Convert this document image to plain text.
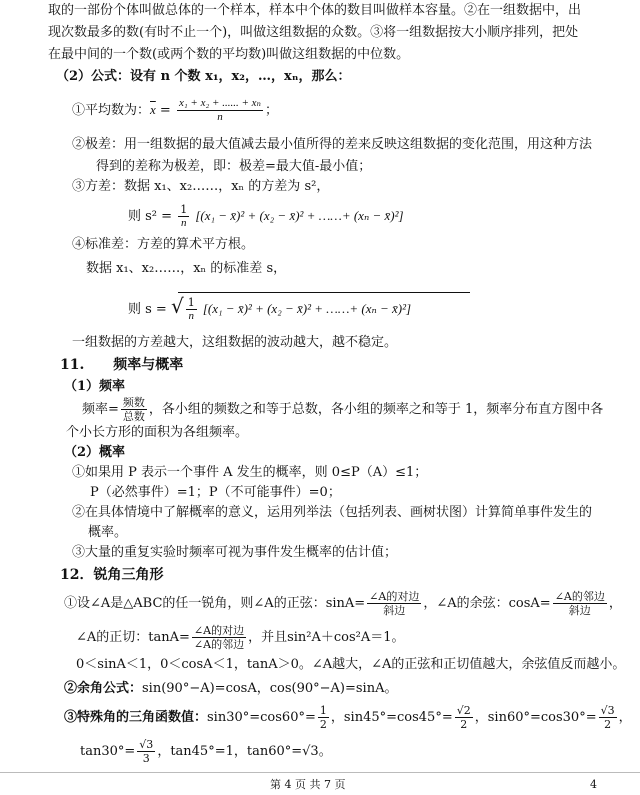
取的一部份个体叫做总体的一个样本，样本中个体的数目叫做样本容量。②在一组数据中，出
现次数最多的数(有时不止一个)，叫做这组数据的众数。③将一组数据按大小顺序排列，把处
在最中间的一个数(或两个数的平均数)叫做这组数据的中位数。
（2）公式：设有 n 个数 x₁，x₂，…，xₙ，那么：
①平均数为：$\overline{x} = \frac{\text{x₁ + x₂ + ...... + xₙ}}{n}$ ；
②极差：用一组数据的最大值减去最小值所得的差来反映这组数据的变化范围，用这种方法
得到的差称为极差，即：极差=最大值-最小值；
③方差：数据 x₁、x₂……，xₙ 的方差为 s²，
则 $s^2 = \frac{1}{n} [(x_1$ − x̄)² + (x₂ − x̄)² + ……+ (xₙ − x̄)²]
④标准差：方差的算术平方根。
数据 x₁、x₂……，xₙ 的标准差 s，
则 s = √ $\frac{1}{n} [(x_1$ − x̄)² + (x₂ − x̄)² + ……+ (xₙ − x̄)²]
一组数据的方差越大，这组数据的波动越大，越不稳定。
11. 频率与概率
（1）频率
频率= $\frac{\text{频数}}{\text{总数}}$ ，各小组的频数之和等于总数，各小组的频率之和等于 1，频率分布直方图中各
个小长方形的面积为各组频率。
（2）概率
①如果用 P 表示一个事件 A 发生的概率，则 0≤P（A）≤1；
P（必然事件）=1；P（不可能事件）=0；
②在具体情境中了解概率的意义，运用列举法（包括列表、画树状图）计算简单事件发生的
概率。
③大量的重复实验时频率可视为事件发生概率的估计值；
12．锐角三角形
①设∠A是△ABC的任一锐角，则∠A的正弦：$\sin A= \frac{\text{∠A的对边}}{\text{斜边}}$ ，∠A的余弦：$\cos A= \frac{\text{∠A的邻边}}{\text{斜边}}$ ，
∠A的正切：$\tan A= \frac{\text{∠A的对边}}{\text{∠A的邻边}}$ ，并且sin²A＋cos²A＝1。
0＜sinA＜1，0＜cosA＜1，tanA＞0。∠A越大，∠A的正弦和正切值越大，余弦值反而越小。
②余角公式：sin(90°−A)=cosA，cos(90°−A)=sinA。
③特殊角的三角函数值：$\sin 30^\circ=\cos 60^\circ= \frac{1}{2}$ ，$\sin 45^\circ=\cos 45^\circ= \frac{√2}{2}$ ，$\sin 60^\circ=\cos 30^\circ= \frac{√3}{2}$ ，
$\tan 30^\circ= \frac{√3}{3}$ ，tan45°=1，tan60°=√3。
第 4 页 共 7 页	4
